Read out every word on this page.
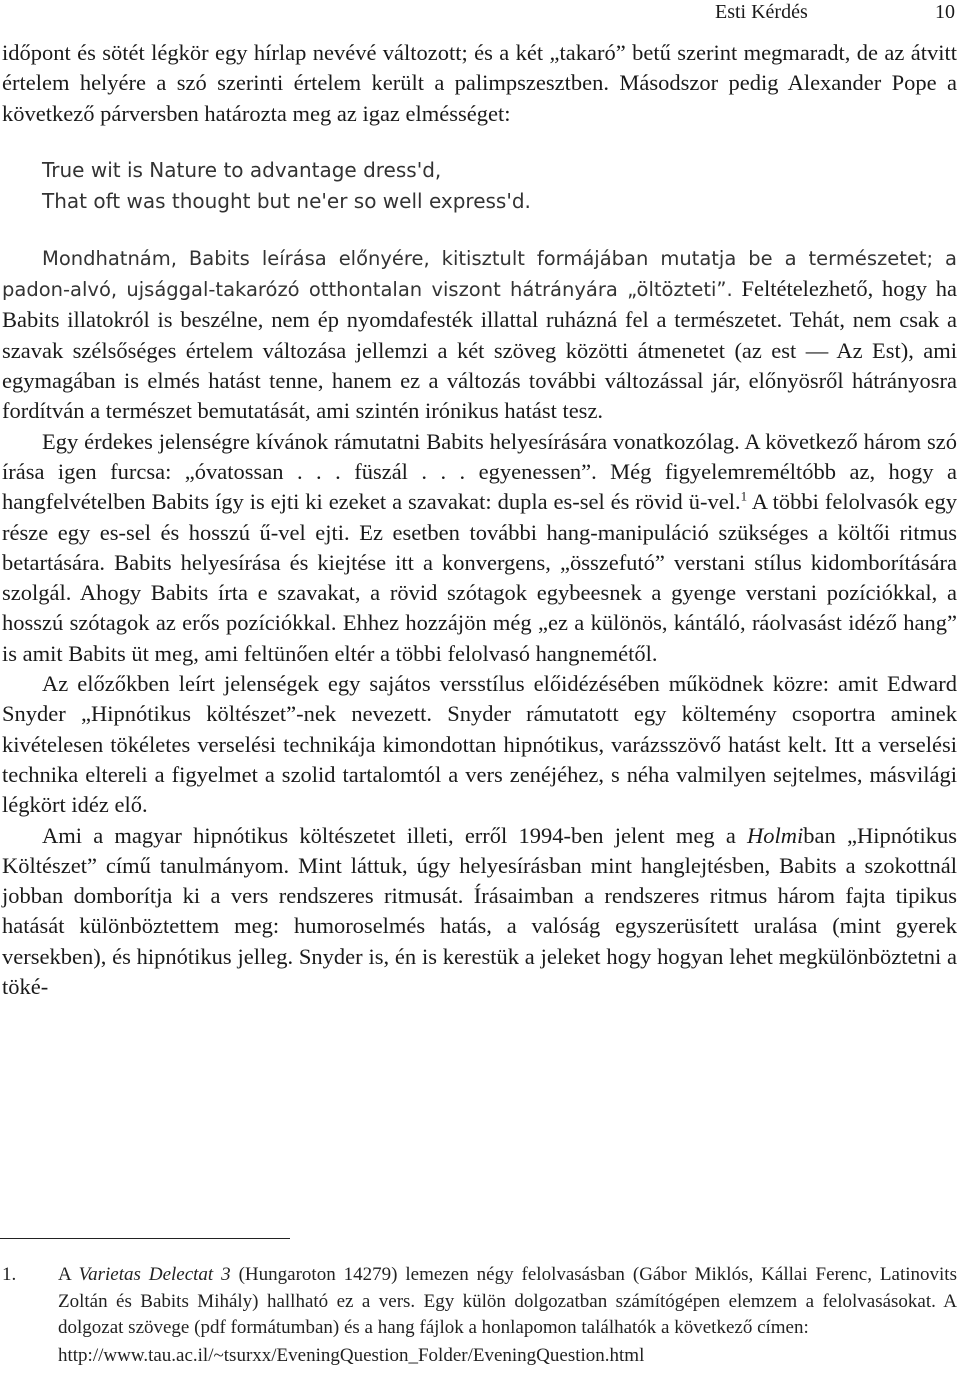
Esti Kérdés	10

időpont és sötét légkör egy hírlap nevévé változott; és a két „takaró” betű szerint megmaradt, de az átvitt értelem helyére a szó szerinti értelem került a palimpszesztben. Másodszor pedig Alexander Pope a következő párversben határozta meg az igaz elmésséget:

True wit is Nature to advantage dress'd,
That oft was thought but ne'er so well express'd.

Mondhatnám, Babits leírása előnyére, kitisztult formájában mutatja be a természetet; a padon-alvó, ujsággal-takarózó otthontalan viszont hátrányára „öltözteti”. Feltételezhető, hogy ha Babits illatokról is beszélne, nem ép nyomdafesték illattal ruházná fel a természetet. Tehát, nem csak a szavak szélsőséges értelem változása jellemzi a két szöveg közötti átmenetet (az est — Az Est), ami egymagában is elmés hatást tenne, hanem ez a változás további változással jár, előnyösről hátrányosra fordítván a természet bemutatását, ami szintén irónikus hatást tesz.

Egy érdekes jelenségre kívánok rámutatni Babits helyesírására vonatkozólag. A következő három szó írása igen furcsa: „óvatossan . . . füszál . . . egyenessen”. Még figyelemreméltóbb az, hogy a hangfelvételben Babits így is ejti ki ezeket a szavakat: dupla es-sel és rövid ü-vel.$^1$ A többi felolvasók egy része egy es-sel és hosszú ű-vel ejti. Ez esetben további hang-manipuláció szükséges a költői ritmus betartására. Babits helyesírása és kiejtése itt a konvergens, „összefutó” verstani stílus kidomborítására szolgál. Ahogy Babits írta e szavakat, a rövid szótagok egybeesnek a gyenge verstani pozíciókkal, a hosszú szótagok az erős pozíciókkal. Ehhez hozzájön még „ez a különös, kántáló, ráolvasást idéző hang” is amit Babits üt meg, ami feltünően eltér a többi felolvasó hangnemétől.

Az előzőkben leírt jelenségek egy sajátos versstílus előidézésében működnek közre: amit Edward Snyder „Hipnótikus költészet”-nek nevezett. Snyder rámutatott egy költemény csoportra aminek kivételesen tökéletes verselési technikája kimondottan hipnótikus, varázsszövő hatást kelt. Itt a verselési technika eltereli a figyelmet a szolid tartalomtól a vers zenéjéhez, s néha valmilyen sejtelmes, másvilági légkört idéz elő.

Ami a magyar hipnótikus költészetet illeti, erről 1994-ben jelent meg a Holmiban „Hipnótikus Költészet” című tanulmányom. Mint láttuk, úgy helyesírásban mint hanglejtésben, Babits a szokottnál jobban domborítja ki a vers rendszeres ritmusát. Írásaimban a rendszeres ritmus három fajta tipikus hatását különböztettem meg: humoroselmés hatás, a valóság egyszerüsített uralása (mint gyerek versekben), és hipnótikus jelleg. Snyder is, én is kerestük a jeleket hogy hogyan lehet megkülönböztetni a töké-

1. A Varietas Delectat 3 (Hungaroton 14279) lemezen négy felolvasásban (Gábor Miklós, Kállai Ferenc, Latinovits Zoltán és Babits Mihály) hallható ez a vers. Egy külön dolgozatban számítógépen elemzem a felolvasásokat. A dolgozat szövege (pdf formátumban) és a hang fájlok a honlapomon találhatók a következő címen:
http://www.tau.ac.il/~tsurxx/EveningQuestion_Folder/EveningQuestion.html
